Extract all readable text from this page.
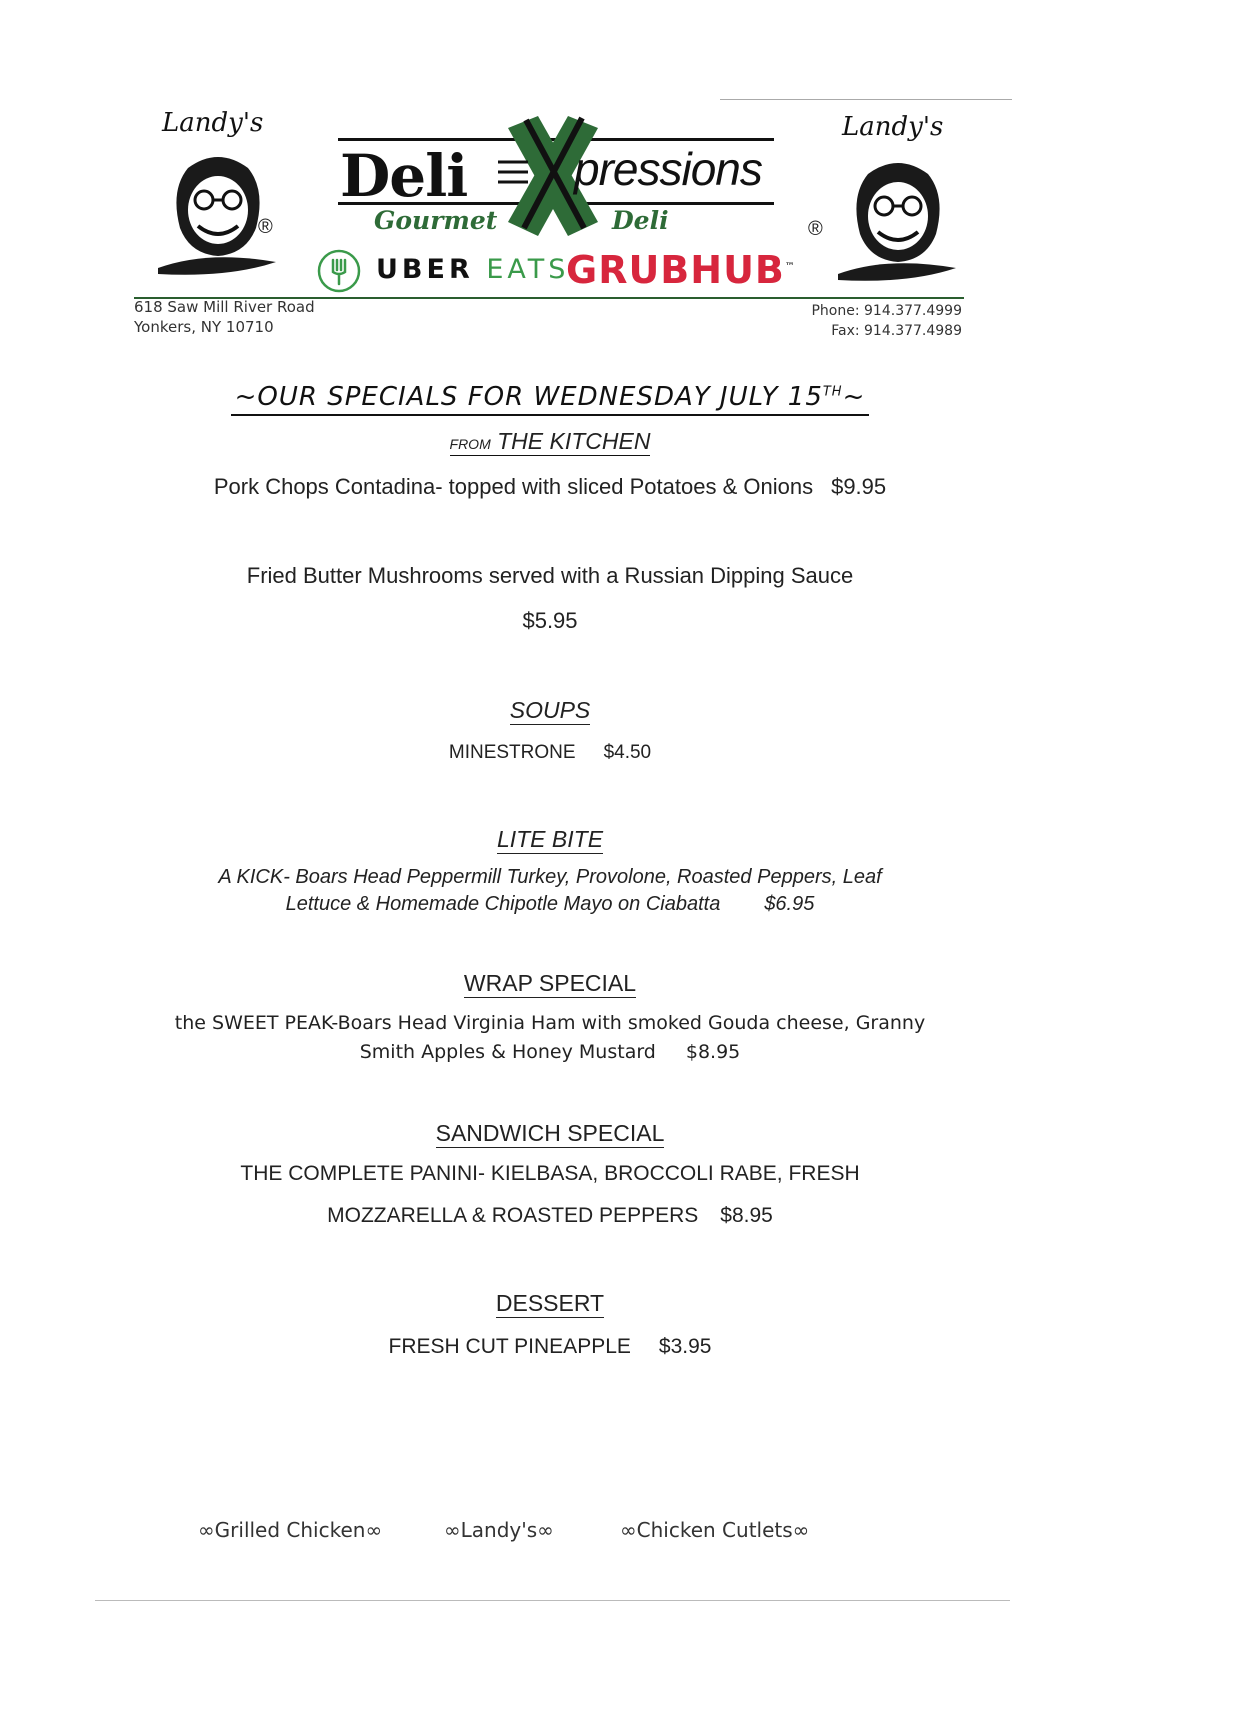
Landy's
®
Landy's
®
Deli pressions
Gourmet	Deli
UBER EATS
GRUBHUB™
618 Saw Mill River Road
Yonkers, NY 10710
Phone: 914.377.4999
Fax: 914.377.4989
~OUR SPECIALS FOR WEDNESDAY JULY 15TH~
FROM THE KITCHEN
Pork Chops Contadina- topped with sliced Potatoes & Onions $9.95
Fried Butter Mushrooms served with a Russian Dipping Sauce
$5.95
SOUPS
MINESTRONE $4.50
LITE BITE
A KICK- Boars Head Peppermill Turkey, Provolone, Roasted Peppers, Leaf
Lettuce & Homemade Chipotle Mayo on Ciabatta $6.95
WRAP SPECIAL
the SWEET PEAK-Boars Head Virginia Ham with smoked Gouda cheese, Granny
Smith Apples & Honey Mustard $8.95
SANDWICH SPECIAL
THE COMPLETE PANINI- KIELBASA, BROCCOLI RABE, FRESH
MOZZARELLA & ROASTED PEPPERS $8.95
DESSERT
FRESH CUT PINEAPPLE $3.95
∞Grilled Chicken∞	∞Landy's∞	∞Chicken Cutlets∞
